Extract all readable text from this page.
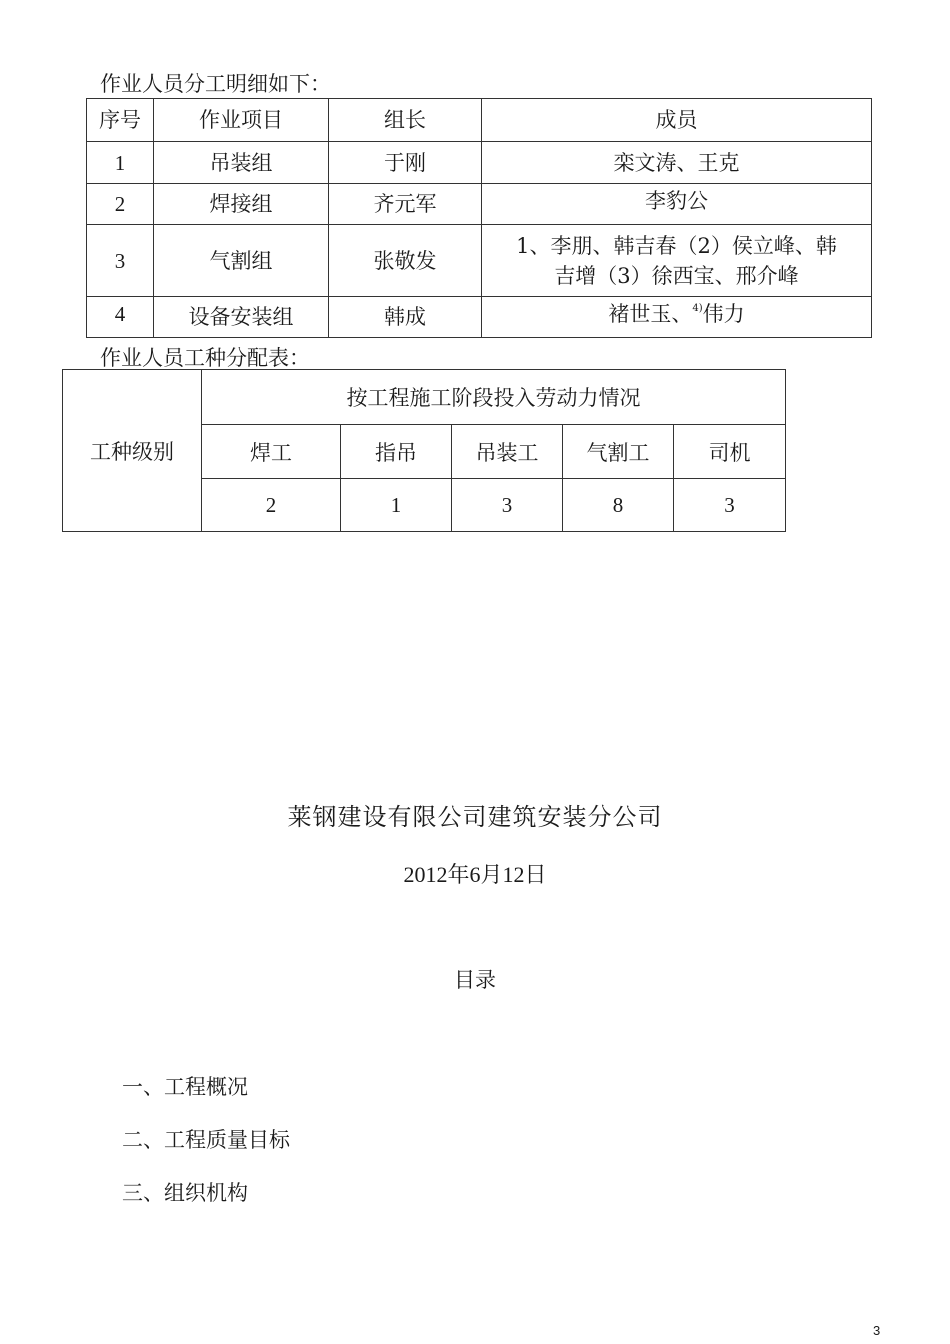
作业人员分工明细如下：
序号	作业项目	组长	成员
1	吊装组	于刚	栾文涛、王克
2	焊接组	齐元军	李豹公
3	气割组	张敬发	1、李朋、韩吉春（2）侯立峰、韩
吉增（3）徐西宝、邢介峰

4	设备安装组	韩成	褚世玉、$^{4)}$伟力
作业人员工种分配表：
工种级别	按工程施工阶段投入劳动力情况				
	焊工	指吊	吊装工	气割工	司机
	2	1	3	8	3
莱钢建设有限公司建筑安装分公司
2012年6月12日
目录
一、工程概况
二、工程质量目标
三、组织机构
3
